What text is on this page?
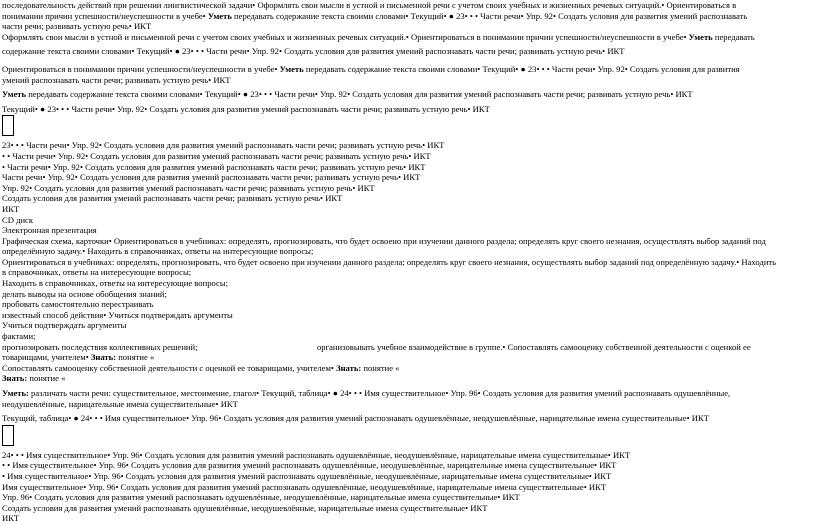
последовательность действий при решении лингвистической задачи• Оформлять свои мысли в устной и письменной речи с учетом своих учебных и жизненных речевых ситуаций.• Ориентироваться в
понимании причин успешности/неуспешности в учебе• Уметь передавать содержание текста своими словами• Текущий• ● 23• • • Части речи• Упр. 92• Создать условия для развития умений распознавать
части речи; развивать устную речь• ИКТ
Оформлять свои мысли в устной и письменной речи с учетом своих учебных и жизненных речевых ситуаций.• Ориентироваться в понимании причин успешности/неуспешности в учебе• Уметь передавать
содержание текста своими словами• Текущий• ● 23• • • Части речи• Упр. 92• Создать условия для развития умений распознавать части речи; развивать устную речь• ИКТ
Ориентироваться в понимании причин успешности/неуспешности в учебе• Уметь передавать содержание текста своими словами• Текущий• ● 23• • • Части речи• Упр. 92• Создать условия для развития
умений распознавать части речи; развивать устную речь• ИКТ
Уметь передавать содержание текста своими словами• Текущий• ● 23• • • Части речи• Упр. 92• Создать условия для развития умений распознавать части речи; развивать устную речь• ИКТ
Текущий• ● 23• • • Части речи• Упр. 92• Создать условия для развития умений распознавать части речи; развивать устную речь• ИКТ
23• • • Части речи• Упр. 92• Создать условия для развития умений распознавать части речи; развивать устную речь• ИКТ
• • Части речи• Упр. 92• Создать условия для развития умений распознавать части речи; развивать устную речь• ИКТ
• Части речи• Упр. 92• Создать условия для развития умений распознавать части речи; развивать устную речь• ИКТ
Части речи• Упр. 92• Создать условия для развития умений распознавать части речи; развивать устную речь• ИКТ
Упр. 92• Создать условия для развития умений распознавать части речи; развивать устную речь• ИКТ
Создать условия для развития умений распознавать части речи; развивать устную речь• ИКТ
ИКТ
CD диск
Электронная презентация
Графическая схема, карточки• Ориентироваться в учебниках: определять, прогнозировать, что будет освоено при изучении данного раздела; определять круг своего незнания, осуществлять выбор заданий под
определённую задачу.• Находить в справочниках, ответы на интересующие вопросы;
Ориентироваться в учебниках: определять, прогнозировать, что будет освоено при изучении данного раздела; определять круг своего незнания, осуществлять выбор заданий под определённую задачу.• Находить
в справочниках, ответы на интересующие вопросы;
Находить в справочниках, ответы на интересующие вопросы;
делать выводы на основе обобщения знаний;
пробовать самостоятельно перестраивать
известный способ действия• Учиться подтверждать аргументы
Учиться подтверждать аргументы
фактами;
прогнозировать последствия коллективных решений;	организовывать учебное взаимодействие в группе.• Сопоставлять самооценку собственной деятельности с оценкой ее
товарищами, учителем• Знать: понятие «
Сопоставлять самооценку собственной деятельности с оценкой ее товарищами, учителем• Знать: понятие «
Знать: понятие «
Уметь: различать части речи: существительное, местоимение, глагол• Текущий, таблица• ● 24• • • Имя существительное• Упр. 96• Создать условия для развития умений распознавать одушевлённые,
неодушевлённые, нарицательные имена существительные• ИКТ
Текущий, таблица• ● 24• • • Имя существительное• Упр. 96• Создать условия для развития умений распознавать одушевлённые, неодушевлённые, нарицательные имена существительные• ИКТ
24• • • Имя существительное• Упр. 96• Создать условия для развития умений распознавать одушевлённые, неодушевлённые, нарицательные имена существительные• ИКТ
• • Имя существительное• Упр. 96• Создать условия для развития умений распознавать одушевлённые, неодушевлённые, нарицательные имена существительные• ИКТ
• Имя существительное• Упр. 96• Создать условия для развития умений распознавать одушевлённые, неодушевлённые, нарицательные имена существительные• ИКТ
Имя существительное• Упр. 96• Создать условия для развития умений распознавать одушевлённые, неодушевлённые, нарицательные имена существительные• ИКТ
Упр. 96• Создать условия для развития умений распознавать одушевлённые, неодушевлённые, нарицательные имена существительные• ИКТ
Создать условия для развития умений распознавать одушевлённые, неодушевлённые, нарицательные имена существительные• ИКТ
ИКТ
